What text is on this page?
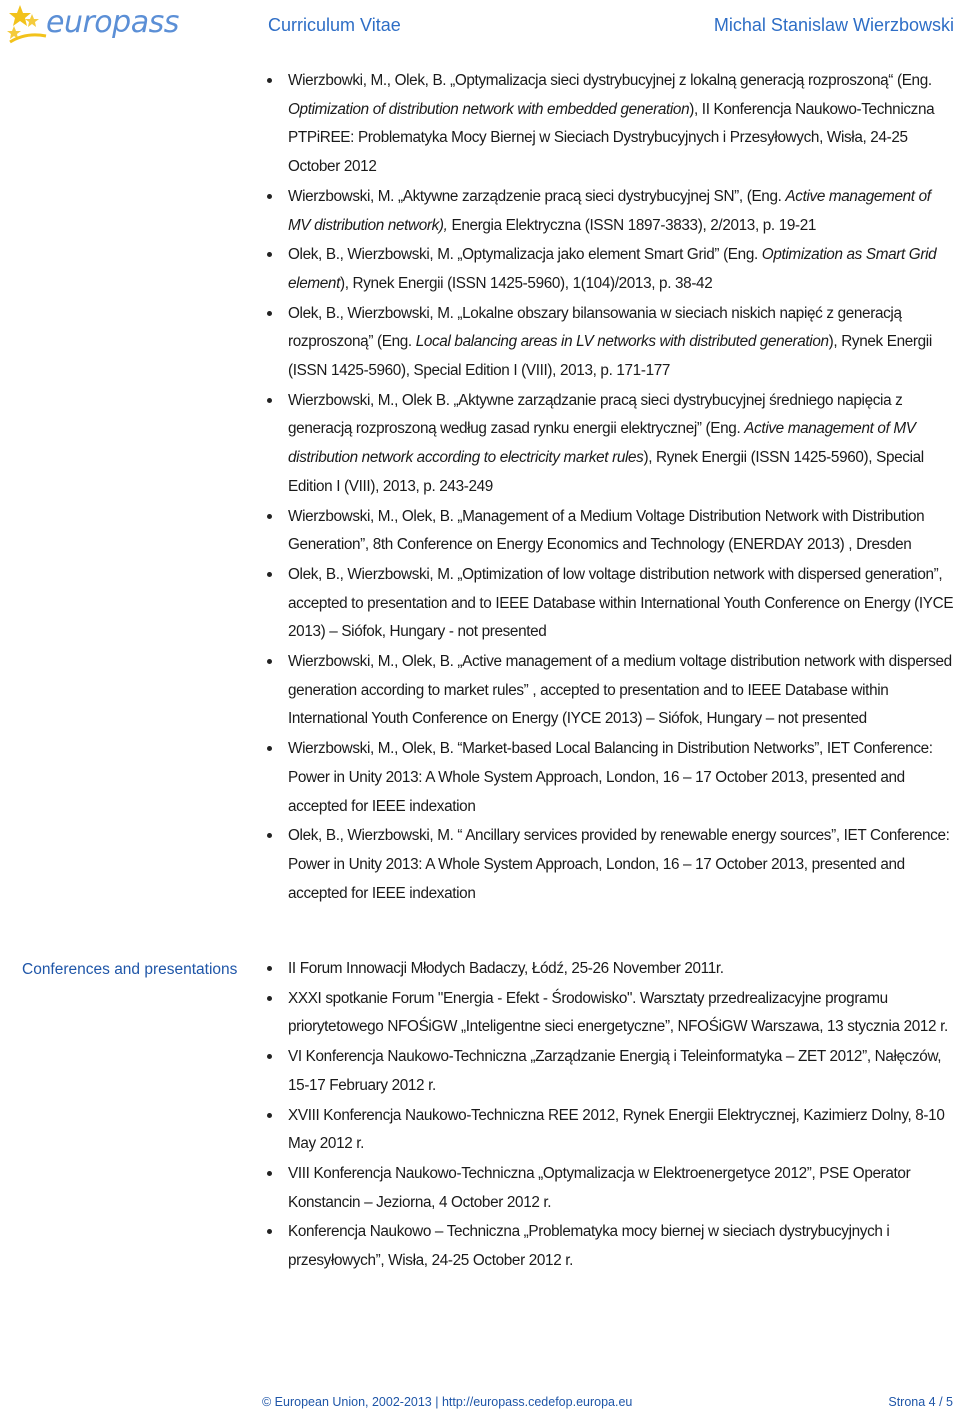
europass	Curriculum Vitae	Michal Stanislaw Wierzbowski
Wierzbowki, M., Olek, B. „Optymalizacja sieci dystrybucyjnej z lokalną generacją rozproszoną“ (Eng. Optimization of distribution network with embedded generation), II Konferencja Naukowo-Techniczna PTPiREE: Problematyka Mocy Biernej w Sieciach Dystrybucyjnych i Przesyłowych, Wisła, 24-25 October 2012
Wierzbowski, M. „Aktywne zarządzenie pracą sieci dystrybucyjnej SN”, (Eng. Active management of MV distribution network), Energia Elektryczna (ISSN 1897-3833), 2/2013, p. 19-21
Olek, B., Wierzbowski, M. „Optymalizacja jako element Smart Grid” (Eng. Optimization as Smart Grid element), Rynek Energii (ISSN 1425-5960), 1(104)/2013, p. 38-42
Olek, B., Wierzbowski, M. „Lokalne obszary bilansowania w sieciach niskich napięć z generacją rozproszoną” (Eng. Local balancing areas in LV networks with distributed generation), Rynek Energii (ISSN 1425-5960), Special Edition I (VIII), 2013, p. 171-177
Wierzbowski, M., Olek B. „Aktywne zarządzanie pracą sieci dystrybucyjnej średniego napięcia z generacją rozproszoną według zasad rynku energii elektrycznej” (Eng. Active management of MV distribution network according to electricity market rules), Rynek Energii (ISSN 1425-5960), Special Edition I (VIII), 2013, p. 243-249
Wierzbowski, M., Olek, B. „Management of a Medium Voltage Distribution Network with Distribution Generation”, 8th Conference on Energy Economics and Technology (ENERDAY 2013) , Dresden
Olek, B., Wierzbowski, M. „Optimization of low voltage distribution network with dispersed generation”, accepted to presentation and to IEEE Database within International Youth Conference on Energy (IYCE 2013) – Siófok, Hungary - not presented
Wierzbowski, M., Olek, B. „Active management of a medium voltage distribution network with dispersed generation according to market rules” , accepted to presentation and to IEEE Database within International Youth Conference on Energy (IYCE 2013) – Siófok, Hungary – not presented
Wierzbowski, M., Olek, B. “Market-based Local Balancing in Distribution Networks”, IET Conference: Power in Unity 2013: A Whole System Approach, London, 16 – 17 October 2013, presented and accepted for IEEE indexation
Olek, B., Wierzbowski, M. “ Ancillary services provided by renewable energy sources”, IET Conference: Power in Unity 2013: A Whole System Approach, London, 16 – 17 October 2013, presented and accepted for IEEE indexation
Conferences and presentations	II Forum Innowacji Młodych Badaczy, Łódź, 25-26 November 2011r.
XXXI spotkanie Forum "Energia - Efekt - Środowisko". Warsztaty przedrealizacyjne programu priorytetowego NFOŚiGW „Inteligentne sieci energetyczne”, NFOŚiGW Warszawa, 13 stycznia 2012 r.
VI Konferencja Naukowo-Techniczna „Zarządzanie Energią i Teleinformatyka – ZET 2012”, Nałęczów, 15-17 February 2012 r.
XVIII Konferencja Naukowo-Techniczna REE 2012, Rynek Energii Elektrycznej, Kazimierz Dolny, 8-10 May 2012 r.
VIII Konferencja Naukowo-Techniczna „Optymalizacja w Elektroenergetyce 2012”, PSE Operator Konstancin – Jeziorna, 4 October 2012 r.
Konferencja Naukowo – Techniczna „Problematyka mocy biernej w sieciach dystrybucyjnych i przesyłowych”, Wisła, 24-25 October 2012 r.
© European Union, 2002-2013 | http://europass.cedefop.europa.eu	Strona 4 / 5
